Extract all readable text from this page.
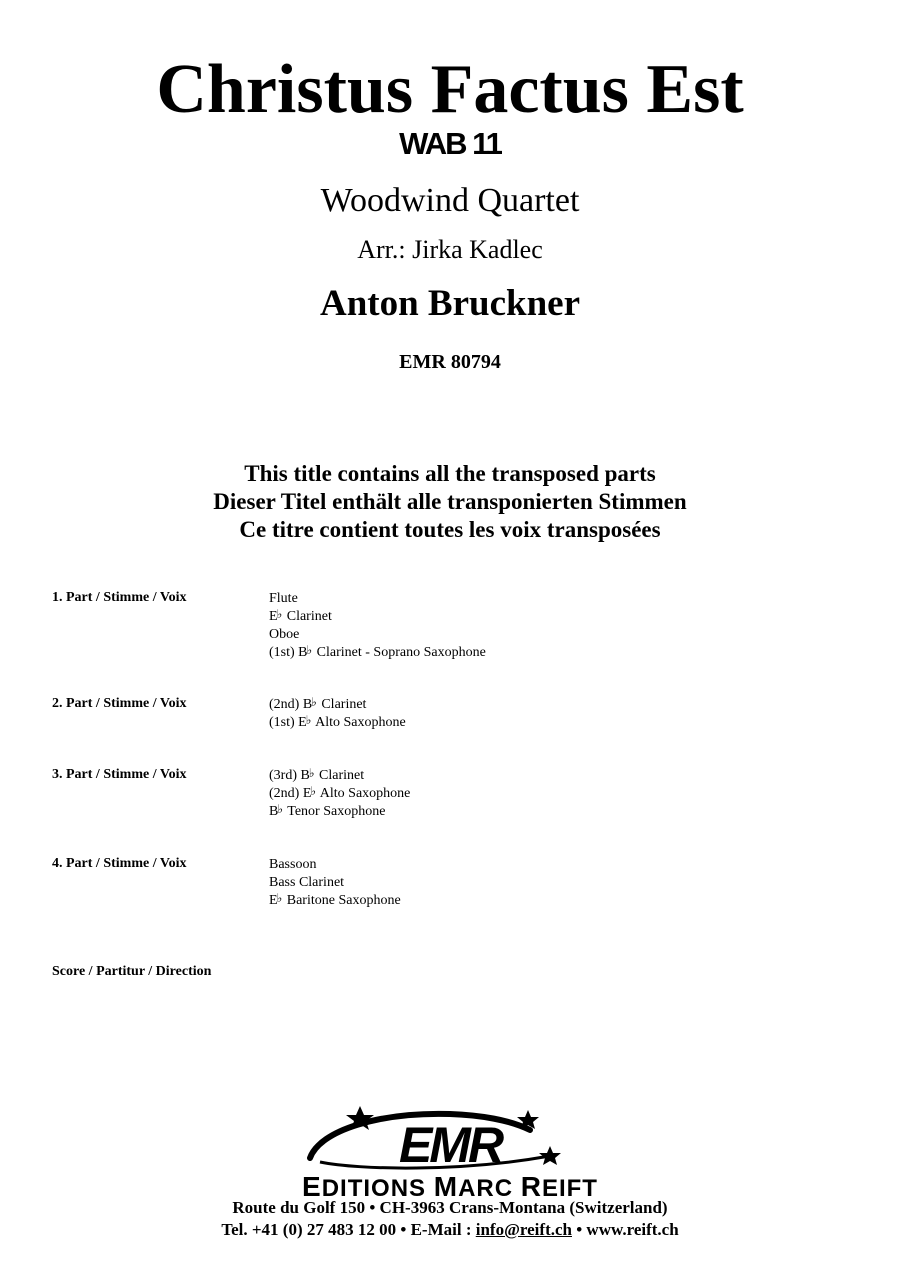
Christus Factus Est
WAB 11
Woodwind Quartet
Arr.: Jirka Kadlec
Anton Bruckner
EMR 80794
This title contains all the transposed parts
Dieser Titel enthält alle transponierten Stimmen
Ce titre contient toutes les voix transposées
1. Part / Stimme / Voix	Flute
E♭ Clarinet
Oboe
(1st) B♭ Clarinet - Soprano Saxophone
2. Part / Stimme / Voix	(2nd) B♭ Clarinet
(1st) E♭ Alto Saxophone
3. Part / Stimme / Voix	(3rd) B♭ Clarinet
(2nd) E♭ Alto Saxophone
B♭ Tenor Saxophone
4. Part / Stimme / Voix	Bassoon
Bass Clarinet
E♭ Baritone Saxophone
Score / Partitur / Direction
EMR
EDITIONS MARC REIFT
Route du Golf 150 • CH-3963 Crans-Montana (Switzerland)
Tel. +41 (0) 27 483 12 00 • E-Mail : info@reift.ch • www.reift.ch
